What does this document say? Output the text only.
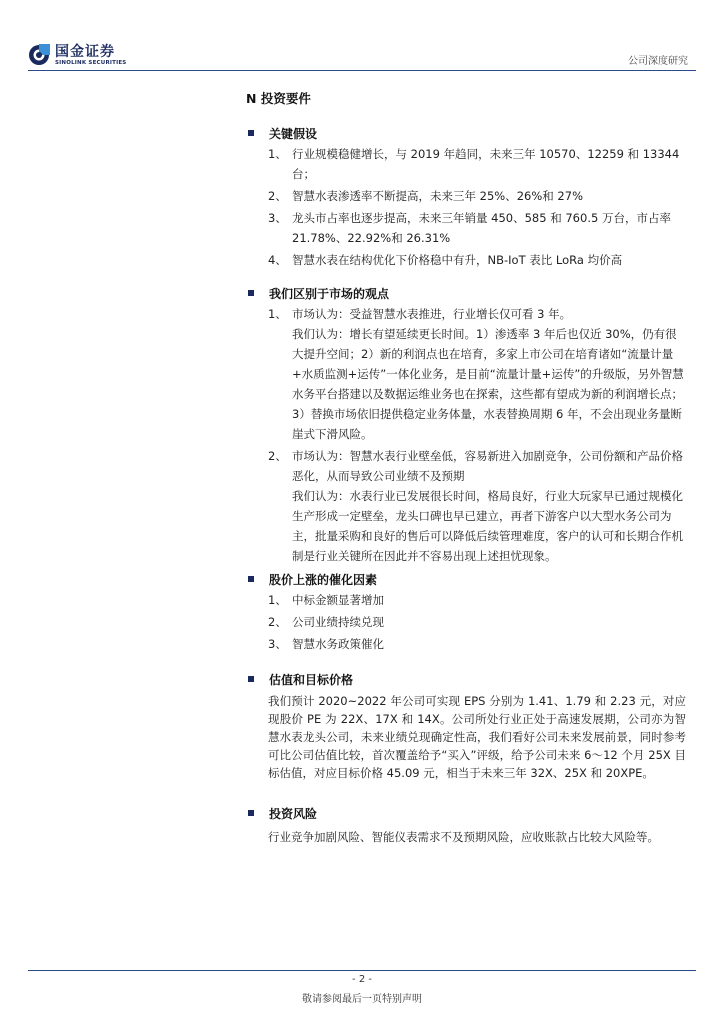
国金证券
SINOLINK SECURITIES	公司深度研究
N 投资要件
关键假设
1、 行业规模稳健增长，与 2019 年趋同，未来三年 10570、12259 和 13344 台；
2、 智慧水表渗透率不断提高，未来三年 25%、26%和 27%
3、 龙头市占率也逐步提高，未来三年销量 450、585 和 760.5 万台，市占率 21.78%、22.92%和 26.31%
4、 智慧水表在结构优化下价格稳中有升，NB-IoT 表比 LoRa 均价高
我们区别于市场的观点
1、 市场认为：受益智慧水表推进，行业增长仅可看 3 年。
我们认为：增长有望延续更长时间。1）渗透率 3 年后也仅近 30%，仍有很大提升空间；2）新的利润点也在培育，多家上市公司在培育诸如“流量计量+水质监测+运传”一体化业务，是目前“流量计量+运传”的升级版，另外智慧水务平台搭建以及数据运维业务也在探索，这些都有望成为新的利润增长点；3）替换市场依旧提供稳定业务体量，水表替换周期 6 年，不会出现业务量断崖式下滑风险。
2、 市场认为：智慧水表行业壁垒低，容易新进入加剧竞争，公司份额和产品价格恶化，从而导致公司业绩不及预期
我们认为：水表行业已发展很长时间，格局良好，行业大玩家早已通过规模化生产形成一定壁垒，龙头口碑也早已建立，再者下游客户以大型水务公司为主，批量采购和良好的售后可以降低后续管理难度，客户的认可和长期合作机制是行业关键所在因此并不容易出现上述担忧现象。
股价上涨的催化因素
1、 中标金额显著增加
2、 公司业绩持续兑现
3、 智慧水务政策催化
估值和目标价格
我们预计 2020~2022 年公司可实现 EPS 分别为 1.41、1.79 和 2.23 元，对应现股价 PE 为 22X、17X 和 14X。公司所处行业正处于高速发展期，公司亦为智慧水表龙头公司，未来业绩兑现确定性高，我们看好公司未来发展前景，同时参考可比公司估值比较，首次覆盖给予“买入”评级，给予公司未来 6～12 个月 25X 目标估值，对应目标价格 45.09 元，相当于未来三年 32X、25X 和 20XPE。
投资风险
行业竞争加剧风险、智能仪表需求不及预期风险，应收账款占比较大风险等。
- 2 -
敬请参阅最后一页特别声明
